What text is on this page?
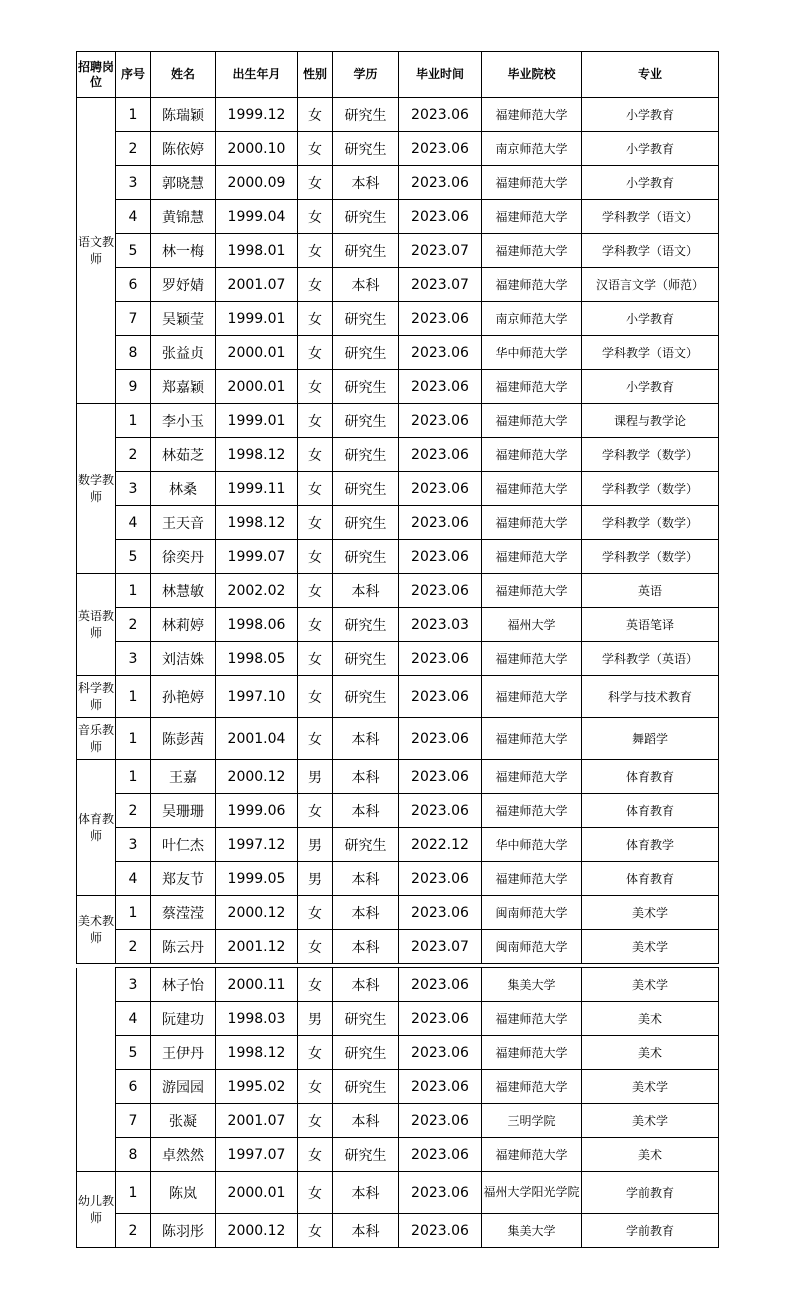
招聘岗位	序号	姓名	出生年月	性别	学历	毕业时间	毕业院校	专业
语文教师	1	陈瑞颖	1999.12	女	研究生	2023.06	福建师范大学	小学教育
	2	陈依婷	2000.10	女	研究生	2023.06	南京师范大学	小学教育
	3	郭晓慧	2000.09	女	本科	2023.06	福建师范大学	小学教育
	4	黄锦慧	1999.04	女	研究生	2023.06	福建师范大学	学科教学（语文）
	5	林一梅	1998.01	女	研究生	2023.07	福建师范大学	学科教学（语文）
	6	罗妤婧	2001.07	女	本科	2023.07	福建师范大学	汉语言文学（师范）
	7	吴颖莹	1999.01	女	研究生	2023.06	南京师范大学	小学教育
	8	张益贞	2000.01	女	研究生	2023.06	华中师范大学	学科教学（语文）
	9	郑嘉颖	2000.01	女	研究生	2023.06	福建师范大学	小学教育
数学教师	1	李小玉	1999.01	女	研究生	2023.06	福建师范大学	课程与教学论
	2	林茹芝	1998.12	女	研究生	2023.06	福建师范大学	学科教学（数学）
	3	林桑	1999.11	女	研究生	2023.06	福建师范大学	学科教学（数学）
	4	王天音	1998.12	女	研究生	2023.06	福建师范大学	学科教学（数学）
	5	徐奕丹	1999.07	女	研究生	2023.06	福建师范大学	学科教学（数学）
英语教师	1	林慧敏	2002.02	女	本科	2023.06	福建师范大学	英语
	2	林莉婷	1998.06	女	研究生	2023.03	福州大学	英语笔译
	3	刘洁姝	1998.05	女	研究生	2023.06	福建师范大学	学科教学（英语）
科学教师	1	孙艳婷	1997.10	女	研究生	2023.06	福建师范大学	科学与技术教育
音乐教师	1	陈彭茜	2001.04	女	本科	2023.06	福建师范大学	舞蹈学
体育教师	1	王嘉	2000.12	男	本科	2023.06	福建师范大学	体育教育
	2	吴珊珊	1999.06	女	本科	2023.06	福建师范大学	体育教育
	3	叶仁杰	1997.12	男	研究生	2022.12	华中师范大学	体育教学
	4	郑友节	1999.05	男	本科	2023.06	福建师范大学	体育教育
美术教师	1	蔡滢滢	2000.12	女	本科	2023.06	闽南师范大学	美术学
	2	陈云丹	2001.12	女	本科	2023.07	闽南师范大学	美术学
	3	林子怡	2000.11	女	本科	2023.06	集美大学	美术学
	4	阮建功	1998.03	男	研究生	2023.06	福建师范大学	美术
	5	王伊丹	1998.12	女	研究生	2023.06	福建师范大学	美术
	6	游园园	1995.02	女	研究生	2023.06	福建师范大学	美术学
	7	张凝	2001.07	女	本科	2023.06	三明学院	美术学
	8	卓然然	1997.07	女	研究生	2023.06	福建师范大学	美术
幼儿教师	1	陈岚	2000.01	女	本科	2023.06	福州大学阳光学院	学前教育
	2	陈羽彤	2000.12	女	本科	2023.06	集美大学	学前教育
